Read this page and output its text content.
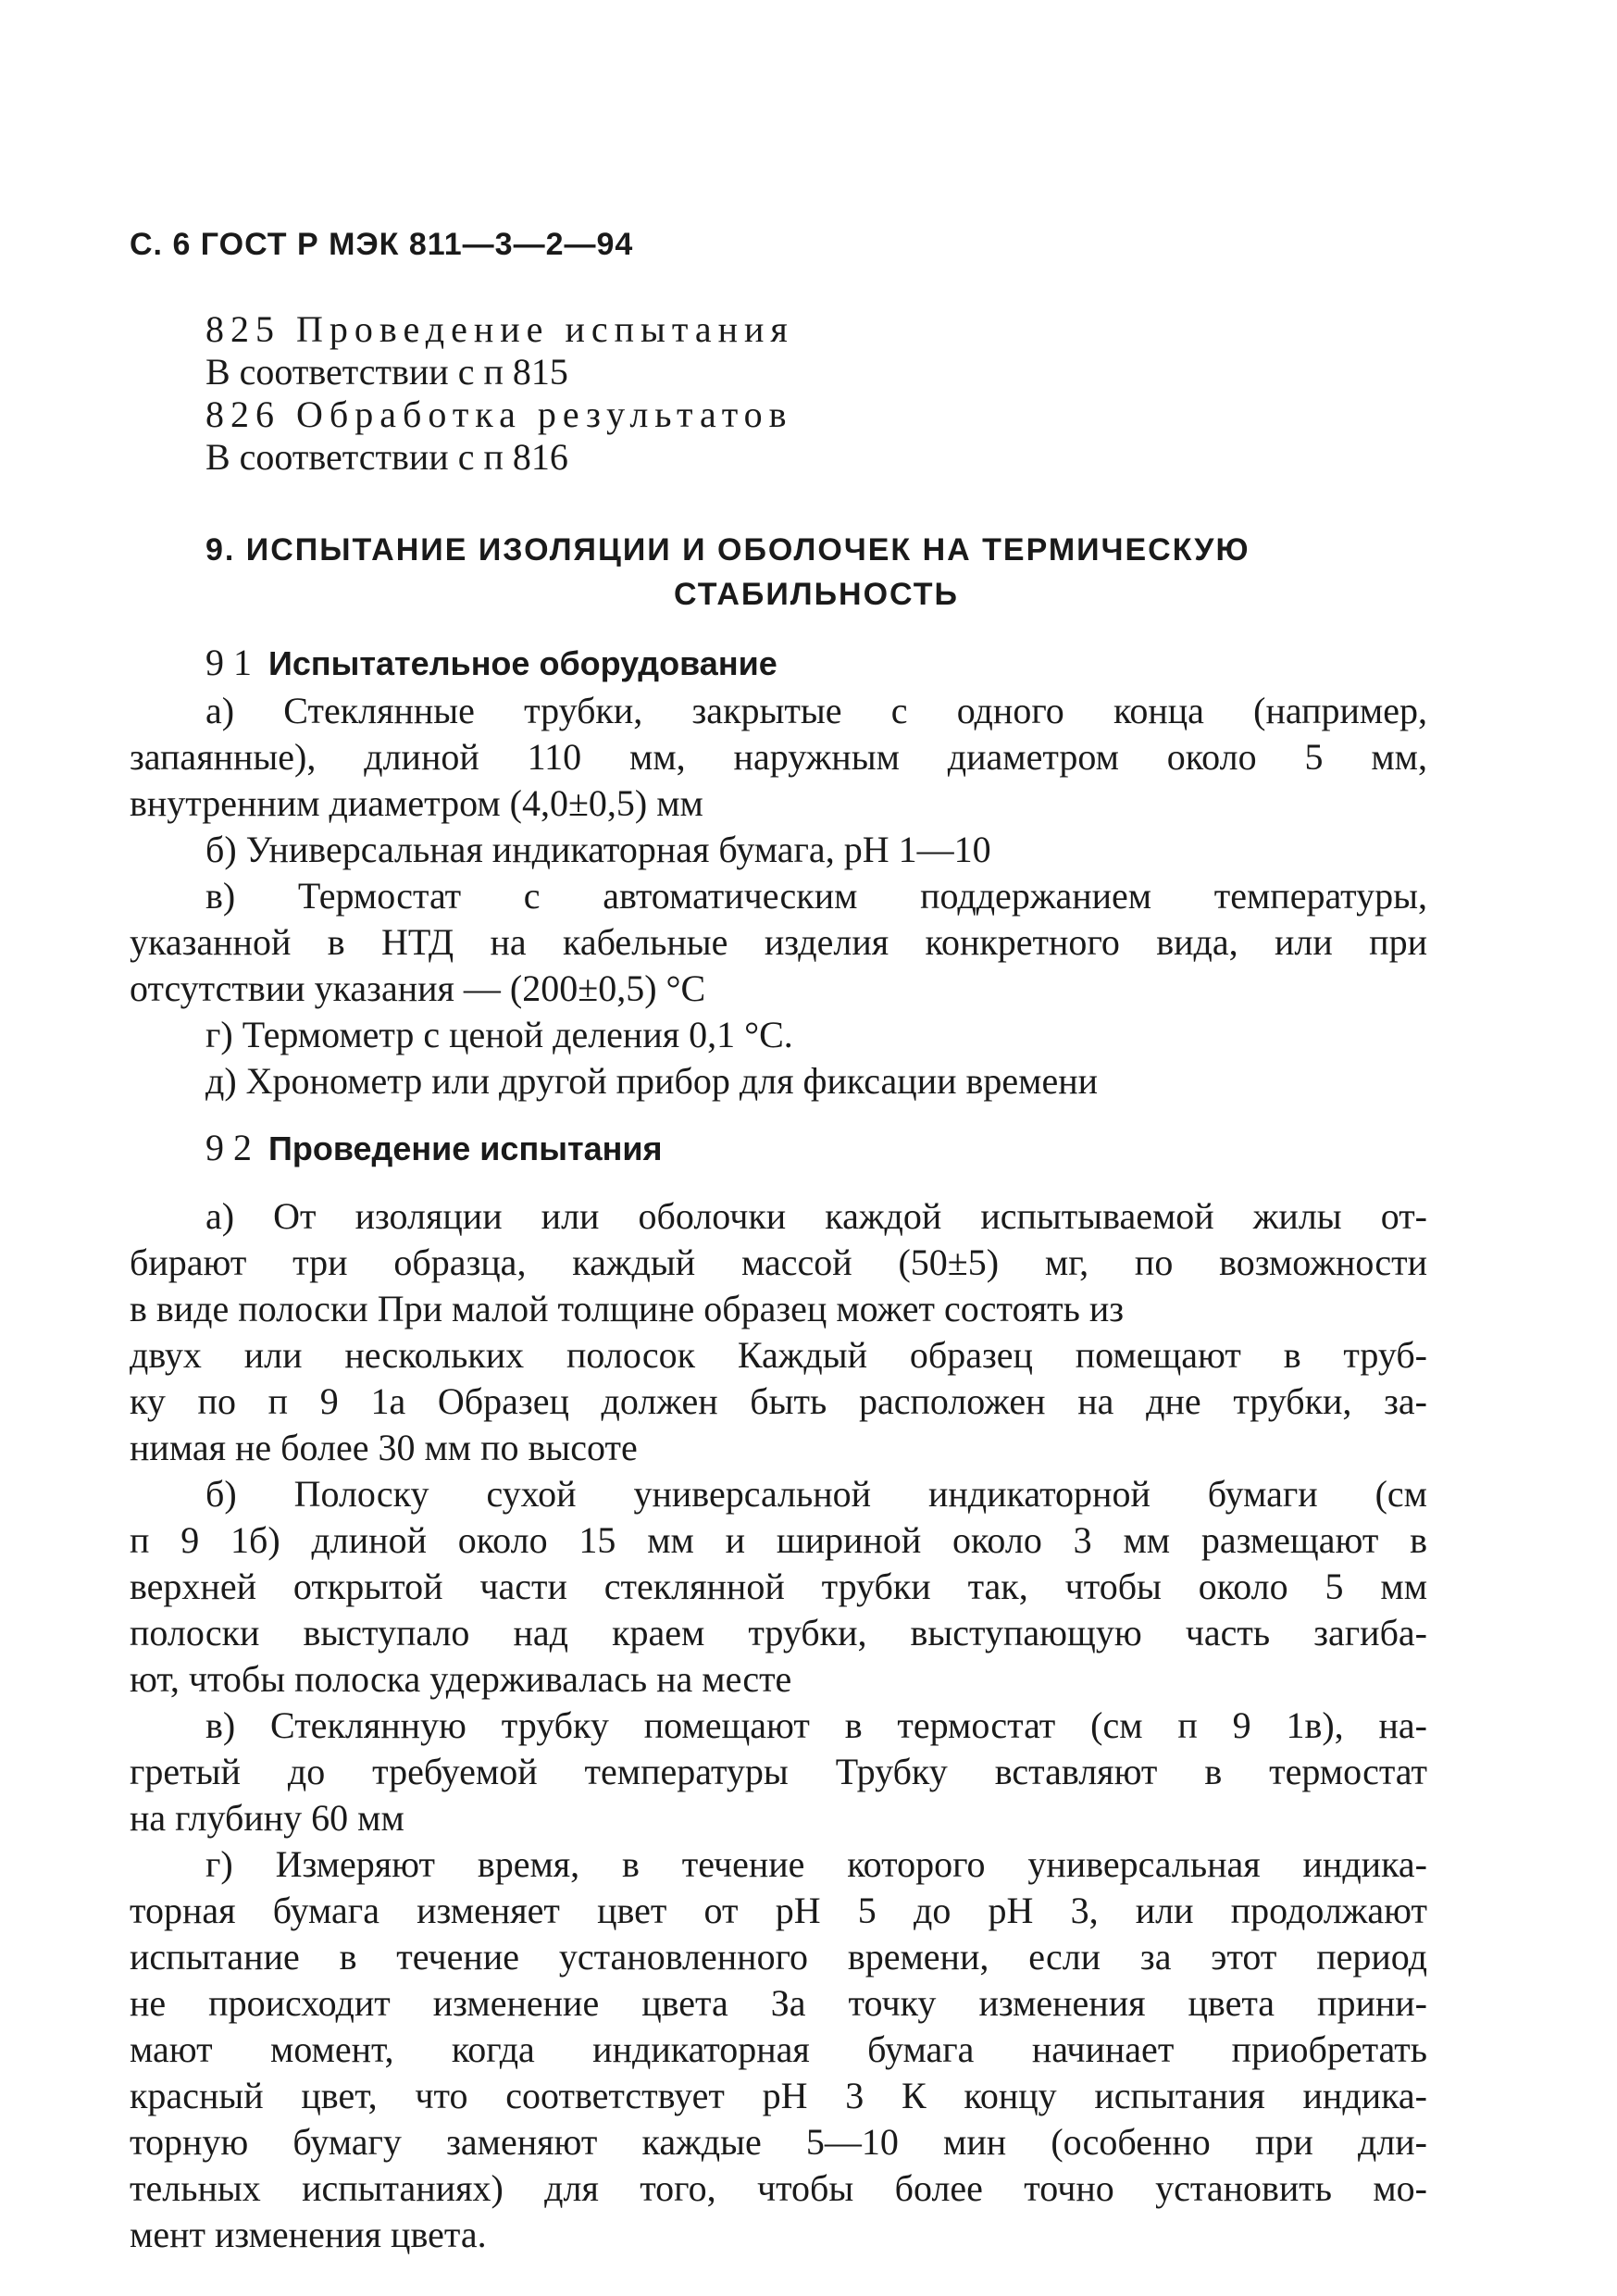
С. 6 ГОСТ Р МЭК 811—3—2—94
825 Проведение испытания
В соответствии с п 815
826 Обработка результатов
В соответствии с п 816
9. ИСПЫТАНИЕ ИЗОЛЯЦИИ И ОБОЛОЧЕК НА ТЕРМИЧЕСКУЮ
СТАБИЛЬНОСТЬ
9 1 Испытательное оборудование
а) Стеклянные трубки, закрытые с одного конца (например,
запаянные), длиной 110 мм, наружным диаметром около 5 мм,
внутренним диаметром (4,0±0,5) мм
б) Универсальная индикаторная бумага, pH 1—10
в) Термостат с автоматическим поддержанием температуры,
указанной в НТД на кабельные изделия конкретного вида, или при
отсутствии указания — (200±0,5) °С
г) Термометр с ценой деления 0,1 °С.
д) Хронометр или другой прибор для фиксации времени
9 2 Проведение испытания
а) От изоляции или оболочки каждой испытываемой жилы от-
бирают три образца, каждый массой (50±5) мг, по возможности
в виде полоски При малой толщине образец может состоять из
двух или нескольких полосок Каждый образец помещают в труб-
ку по п 9 1а Образец должен быть расположен на дне трубки, за-
нимая не более 30 мм по высоте
б) Полоску сухой универсальной индикаторной бумаги (см
п 9 1б) длиной около 15 мм и шириной около 3 мм размещают в
верхней открытой части стеклянной трубки так, чтобы около 5 мм
полоски выступало над краем трубки, выступающую часть загиба-
ют, чтобы полоска удерживалась на месте
в) Стеклянную трубку помещают в термостат (см п 9 1в), на-
гретый до требуемой температуры Трубку вставляют в термостат
на глубину 60 мм
г) Измеряют время, в течение которого универсальная индика-
торная бумага изменяет цвет от pH 5 до pH 3, или продолжают
испытание в течение установленного времени, если за этот период
не происходит изменение цвета За точку изменения цвета прини-
мают момент, когда индикаторная бумага начинает приобретать
красный цвет, что соответствует pH 3 К концу испытания индика-
торную бумагу заменяют каждые 5—10 мин (особенно при дли-
тельных испытаниях) для того, чтобы более точно установить мо-
мент изменения цвета.
